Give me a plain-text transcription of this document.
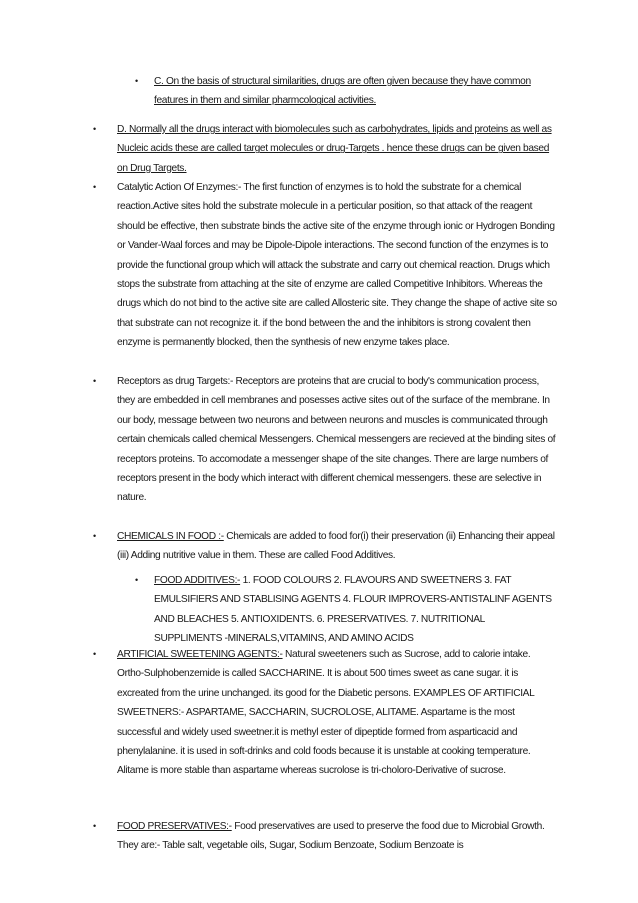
• C. On the basis of structural similarities, drugs are often given because they have common features in them and similar pharmcological activities.
• D. Normally all the drugs interact with biomolecules such as carbohydrates, lipids and proteins as well as Nucleic acids these are called target molecules or drug-Targets . hence these drugs can be given based on Drug Targets.
• Catalytic Action Of Enzymes:- The first function of enzymes is to hold the substrate for a chemical reaction.Active sites hold the substrate molecule in a perticular position, so that attack of the reagent should be effective, then substrate binds the active site of the enzyme through ionic or Hydrogen Bonding or Vander-Waal forces and may be Dipole-Dipole interactions. The second function of the enzymes is to provide the functional group which will attack the substrate and carry out chemical reaction. Drugs which stops the substrate from attaching at the site of enzyme are called Competitive Inhibitors. Whereas the drugs which do not bind to the active site are called Allosteric site. They change the shape of active site so that substrate can not recognize it. if the bond between the and the inhibitors is strong covalent then enzyme is permanently blocked, then the synthesis of new enzyme takes place.
• Receptors as drug Targets:- Receptors are proteins that are crucial to body's communication process, they are embedded in cell membranes and posesses active sites out of the surface of the membrane. In our body, message between two neurons and between neurons and muscles is communicated through certain chemicals called chemical Messengers. Chemical messengers are recieved at the binding sites of receptors proteins. To accomodate a messenger shape of the site changes. There are large numbers of receptors present in the body which interact with different chemical messengers. these are selective in nature.
• CHEMICALS IN FOOD :- Chemicals are added to food for(i) their preservation (ii) Enhancing their appeal (iii) Adding nutritive value in them. These are called Food Additives.
• FOOD ADDITIVES:- 1. FOOD COLOURS 2. FLAVOURS AND SWEETNERS 3. FAT EMULSIFIERS AND STABLISING AGENTS 4. FLOUR IMPROVERS-ANTISTALINF AGENTS AND BLEACHES 5. ANTIOXIDENTS. 6. PRESERVATIVES. 7. NUTRITIONAL SUPPLIMENTS -MINERALS,VITAMINS, AND AMINO ACIDS
• ARTIFICIAL SWEETENING AGENTS:- Natural sweeteners such as Sucrose, add to calorie intake. Ortho-Sulphobenzemide is called SACCHARINE. It is about 500 times sweet as cane sugar. it is excreated from the urine unchanged. its good for the Diabetic persons. EXAMPLES OF ARTIFICIAL SWEETNERS:- ASPARTAME, SACCHARIN, SUCROLOSE, ALITAME. Aspartame is the most successful and widely used sweetner.it is methyl ester of dipeptide formed from asparticacid and phenylalanine. it is used in soft-drinks and cold foods because it is unstable at cooking temperature. Alitame is more stable than aspartame whereas sucrolose is tri-choloro-Derivative of sucrose.
• FOOD PRESERVATIVES:- Food preservatives are used to preserve the food due to Microbial Growth. They are:- Table salt, vegetable oils, Sugar, Sodium Benzoate, Sodium Benzoate is
